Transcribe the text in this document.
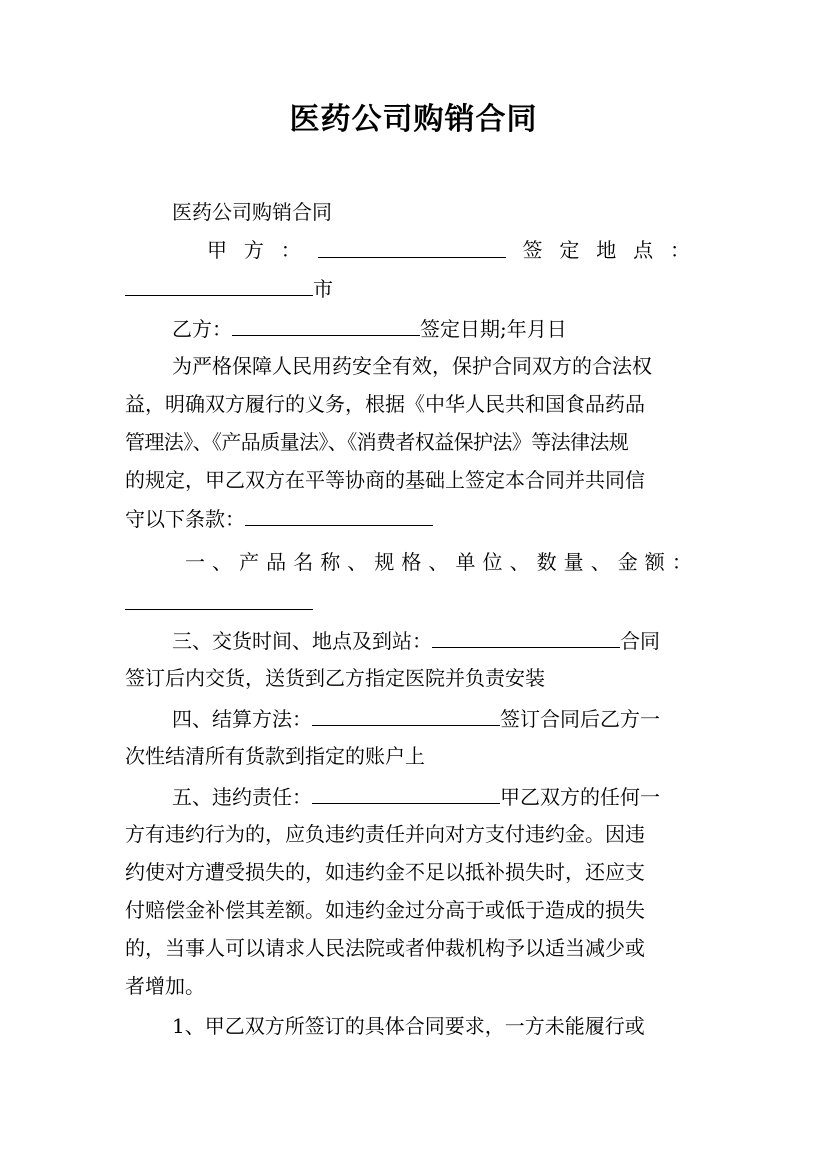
医药公司购销合同
医药公司购销合同
甲 方 ：	签 定 地 点 ：
市
乙方：	签定日期;年月日
为严格保障人民用药安全有效，保护合同双方的合法权
益，明确双方履行的义务，根据《中华人民共和国食品药品
管理法》、《产品质量法》、《消费者权益保护法》等法律法规
的规定，甲乙双方在平等协商的基础上签定本合同并共同信
守以下条款：
一 、 产 品 名 称 、 规 格 、 单 位 、 数 量 、 金 额 ：
三、交货时间、地点及到站：	合同
签订后内交货，送货到乙方指定医院并负责安装
四、结算方法：	签订合同后乙方一
次性结清所有货款到指定的账户上
五、违约责任：	甲乙双方的任何一
方有违约行为的，应负违约责任并向对方支付违约金。因违
约使对方遭受损失的，如违约金不足以抵补损失时，还应支
付赔偿金补偿其差额。如违约金过分高于或低于造成的损失
的，当事人可以请求人民法院或者仲裁机构予以适当减少或
者增加。
1、甲乙双方所签订的具体合同要求，一方未能履行或
